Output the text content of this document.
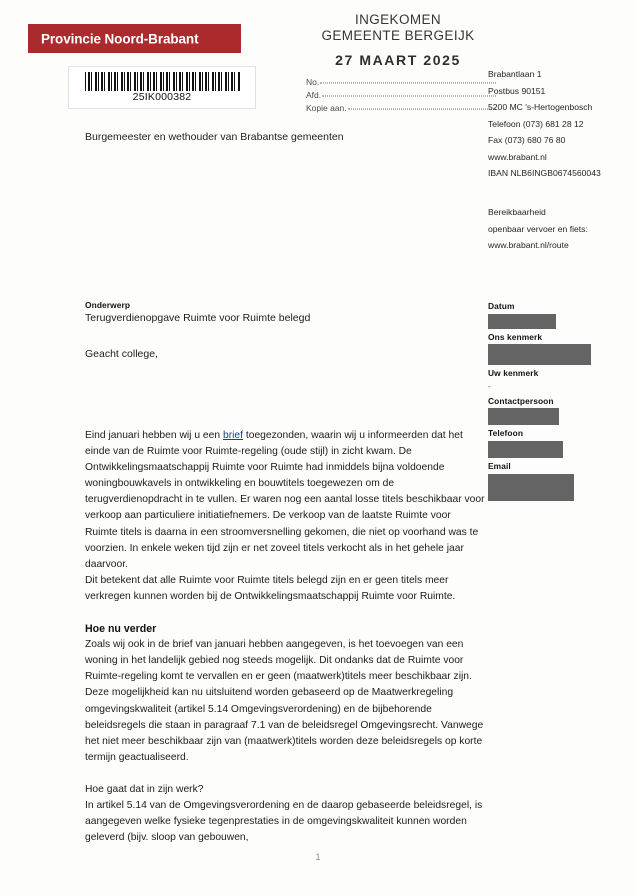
Provincie Noord-Brabant
25IK000382
INGEKOMEN
GEMEENTE BERGEIJK
27 MAART 2025
No.
Afd.
Kopie aan.
Burgemeester en wethouder van Brabantse gemeenten
Brabantlaan 1
Postbus 90151
5200 MC 's-Hertogenbosch
Telefoon (073) 681 28 12
Fax (073) 680 76 80
www.brabant.nl
IBAN NLB6INGB0674560043
Bereikbaarheid
openbaar vervoer en fiets:
www.brabant.nl/route
Datum
Ons kenmerk
Uw kenmerk
-
Contactpersoon
Telefoon
Email
Onderwerp
Terugverdienopgave Ruimte voor Ruimte belegd
Geacht college,

Eind januari hebben wij u een brief toegezonden, waarin wij u informeerden dat het einde van de Ruimte voor Ruimte-regeling (oude stijl) in zicht kwam. De Ontwikkelingsmaatschappij Ruimte voor Ruimte had inmiddels bijna voldoende woningbouwkavels in ontwikkeling en bouwtitels toegewezen om de terugverdienopdracht in te vullen. Er waren nog een aantal losse titels beschikbaar voor verkoop aan particuliere initiatiefnemers. De verkoop van de laatste Ruimte voor Ruimte titels is daarna in een stroomversnelling gekomen, die niet op voorhand was te voorzien. In enkele weken tijd zijn er net zoveel titels verkocht als in het gehele jaar daarvoor.

Dit betekent dat alle Ruimte voor Ruimte titels belegd zijn en er geen titels meer verkregen kunnen worden bij de Ontwikkelingsmaatschappij Ruimte voor Ruimte.

Hoe nu verder

Zoals wij ook in de brief van januari hebben aangegeven, is het toevoegen van een woning in het landelijk gebied nog steeds mogelijk. Dit ondanks dat de Ruimte voor Ruimte-regeling komt te vervallen en er geen (maatwerk)titels meer beschikbaar zijn. Deze mogelijkheid kan nu uitsluitend worden gebaseerd op de Maatwerkregeling omgevingskwaliteit (artikel 5.14 Omgevingsverordening) en de bijbehorende beleidsregels die staan in paragraaf 7.1 van de beleidsregel Omgevingsrecht. Vanwege het niet meer beschikbaar zijn van (maatwerk)titels worden deze beleidsregels op korte termijn geactualiseerd.

Hoe gaat dat in zijn werk?

In artikel 5.14 van de Omgevingsverordening en de daarop gebaseerde beleidsregel, is aangegeven welke fysieke tegenprestaties in de omgevingskwaliteit kunnen worden geleverd (bijv. sloop van gebouwen,

1
